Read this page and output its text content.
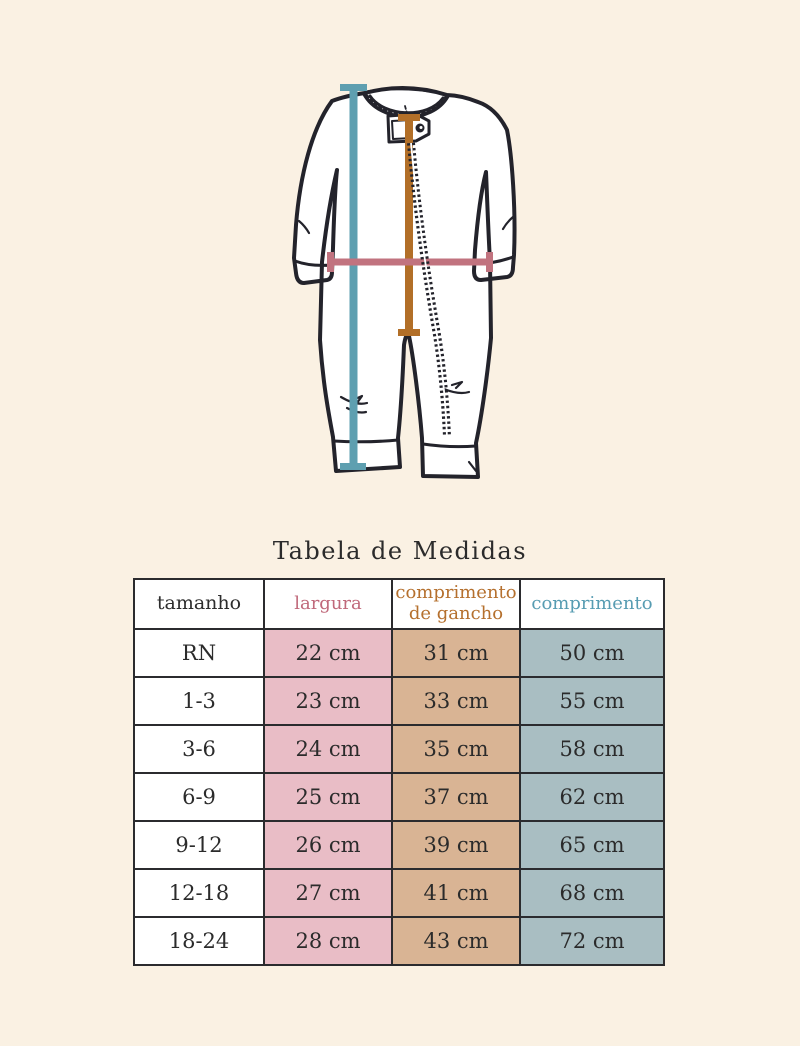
Tabela de Medidas
tamanho	largura	comprimento de gancho	comprimento
RN	22 cm	31 cm	50 cm
1-3	23 cm	33 cm	55 cm
3-6	24 cm	35 cm	58 cm
6-9	25 cm	37 cm	62 cm
9-12	26 cm	39 cm	65 cm
12-18	27 cm	41 cm	68 cm
18-24	28 cm	43 cm	72 cm
